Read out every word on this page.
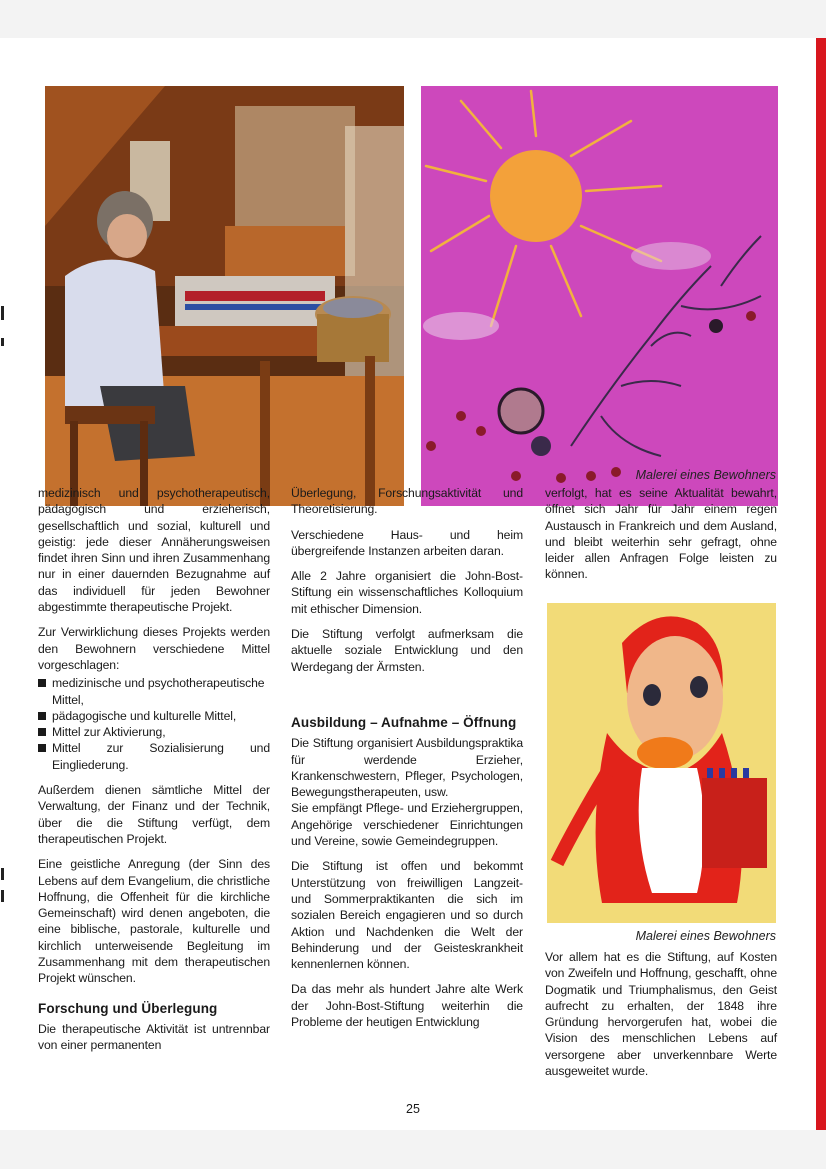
Malerei eines Bewohners

medizinisch und psychotherapeutisch, pädagogisch und erzieherisch, gesellschaftlich und sozial, kulturell und geistig: jede dieser Annäherungsweisen findet ihren Sinn und ihren Zusammenhang nur in einer dauernden Bezugnahme auf das individuell für jeden Bewohner abgestimmte therapeutische Projekt.

Zur Verwirklichung dieses Projekts werden den Bewohnern verschiedene Mittel vorgeschlagen:

medizinische und psychotherapeutische Mittel,
pädagogische und kulturelle Mittel,
Mittel zur Aktivierung,
Mittel zur Sozialisierung und Eingliederung.

Außerdem dienen sämtliche Mittel der Verwaltung, der Finanz und der Technik, über die die Stiftung verfügt, dem therapeutischen Projekt.

Eine geistliche Anregung (der Sinn des Lebens auf dem Evangelium, die christliche Hoffnung, die Offenheit für die kirchliche Gemeinschaft) wird denen angeboten, die eine biblische, pastorale, kulturelle und kirchlich unterweisende Begleitung im Zusammenhang mit dem therapeutischen Projekt wünschen.

Forschung und Überlegung

Die therapeutische Aktivität ist untrennbar von einer permanenten

Überlegung, Forschungsaktivität und Theoretisierung.

Verschiedene Haus- und heim übergreifende Instanzen arbeiten daran.

Alle 2 Jahre organisiert die John-Bost-Stiftung ein wissenschaftliches Kolloquium mit ethischer Dimension.

Die Stiftung verfolgt aufmerksam die aktuelle soziale Entwicklung und den Werdegang der Ärmsten.

Ausbildung – Aufnahme – Öffnung

Die Stiftung organisiert Ausbildungspraktika für werdende Erzieher, Krankenschwestern, Pfleger, Psychologen, Bewegungstherapeuten, usw.

Sie empfängt Pflege- und Erziehergruppen, Angehörige verschiedener Einrichtungen und Vereine, sowie Gemeindegruppen.

Die Stiftung ist offen und bekommt Unterstützung von freiwilligen Langzeit- und Sommerpraktikanten die sich im sozialen Bereich engagieren und so durch Aktion und Nachdenken die Welt der Behinderung und der Geisteskrankheit kennenlernen können.

Da das mehr als hundert Jahre alte Werk der John-Bost-Stiftung weiterhin die Probleme der heutigen Entwicklung

verfolgt, hat es seine Aktualität bewahrt, öffnet sich Jahr für Jahr einem regen Austausch in Frankreich und dem Ausland, und bleibt weiterhin sehr gefragt, ohne leider allen Anfragen Folge leisten zu können.

Malerei eines Bewohners

Vor allem hat es die Stiftung, auf Kosten von Zweifeln und Hoffnung, geschafft, ohne Dogmatik und Triumphalismus, den Geist aufrecht zu erhalten, der 1848 ihre Gründung hervorgerufen hat, wobei die Vision des menschlichen Lebens auf versorgene aber unverkennbare Werte ausgeweitet wurde.

25
